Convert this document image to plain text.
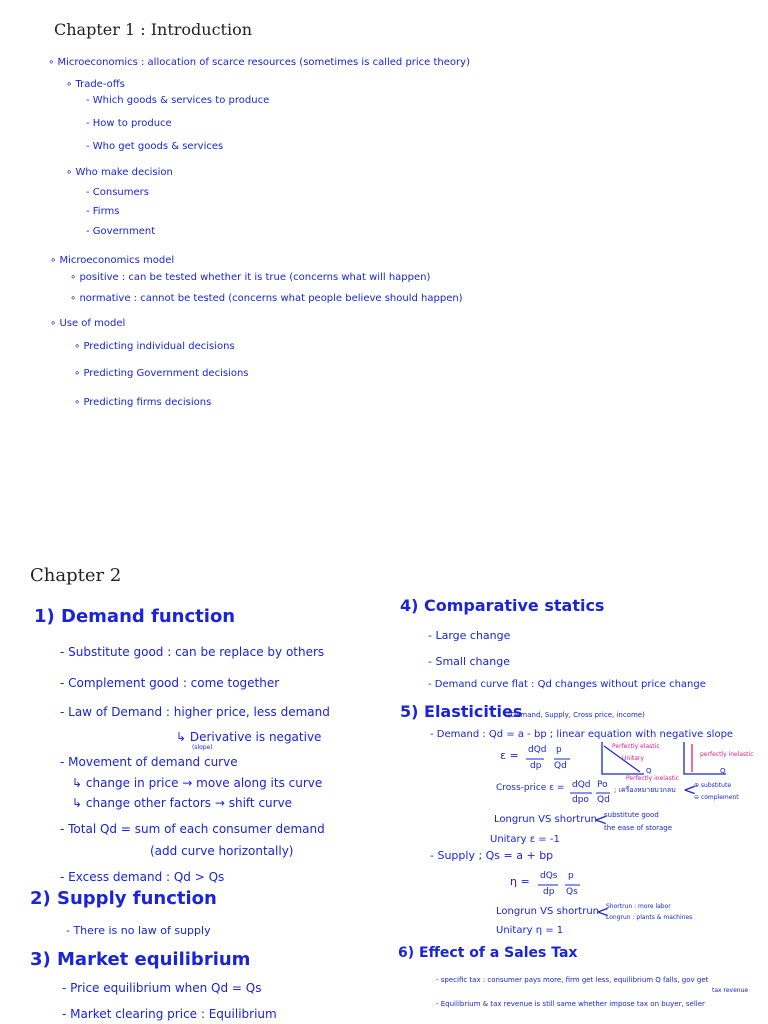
Chapter 1 : Introduction
∘ Microeconomics : allocation of scarce resources (sometimes is called price theory)
∘ Trade-offs
- Which goods & services to produce
- How to produce
- Who get goods & services
∘ Who make decision
- Consumers
- Firms
- Government
∘ Microeconomics model
∘ positive : can be tested whether it is true (concerns what will happen)
∘ normative : cannot be tested (concerns what people believe should happen)
∘ Use of model
∘ Predicting individual decisions
∘ Predicting Government decisions
∘ Predicting firms decisions
Chapter 2
1) Demand function
- Substitute good : can be replace by others
- Complement good : come together
- Law of Demand : higher price, less demand
↳ Derivative is negative
(slope)
- Movement of demand curve
↳ change in price → move along its curve
↳ change other factors → shift curve
- Total Qd = sum of each consumer demand
(add curve horizontally)
- Excess demand : Qd > Qs
2) Supply function
- There is no law of supply
3) Market equilibrium
- Price equilibrium when Qd = Qs
- Market clearing price : Equilibrium
4) Comparative statics
- Large change
- Small change
- Demand curve flat : Qd changes without price change
5) Elasticities
(Demand, Supply, Cross price, income)
- Demand : Qd = a - bp ; linear equation with negative slope
ε = dQd
dp
p
Qd
Perfectly elastic
Unitary
Perfectly inelastic
Q
perfectly inelastic
Q
Cross-price ε = dQd
dpo
Po
Qd
; เครื่องหมายบวกลบ <
⊕ substitute
⊖ complement
Longrun VS shortrun
<
substitute good
the ease of storage
Unitary ε = -1
- Supply ; Qs = a + bp
η = dQs
dp
p
Qs
Longrun VS shortrun
<
Shortrun : more labor
Longrun : plants & machines
Unitary η = 1
6) Effect of a Sales Tax
- specific tax : consumer pays more, firm get less, equilibrium Q falls, gov get
tax revenue
- Equilibrium & tax revenue is still same whether impose tax on buyer, seller
